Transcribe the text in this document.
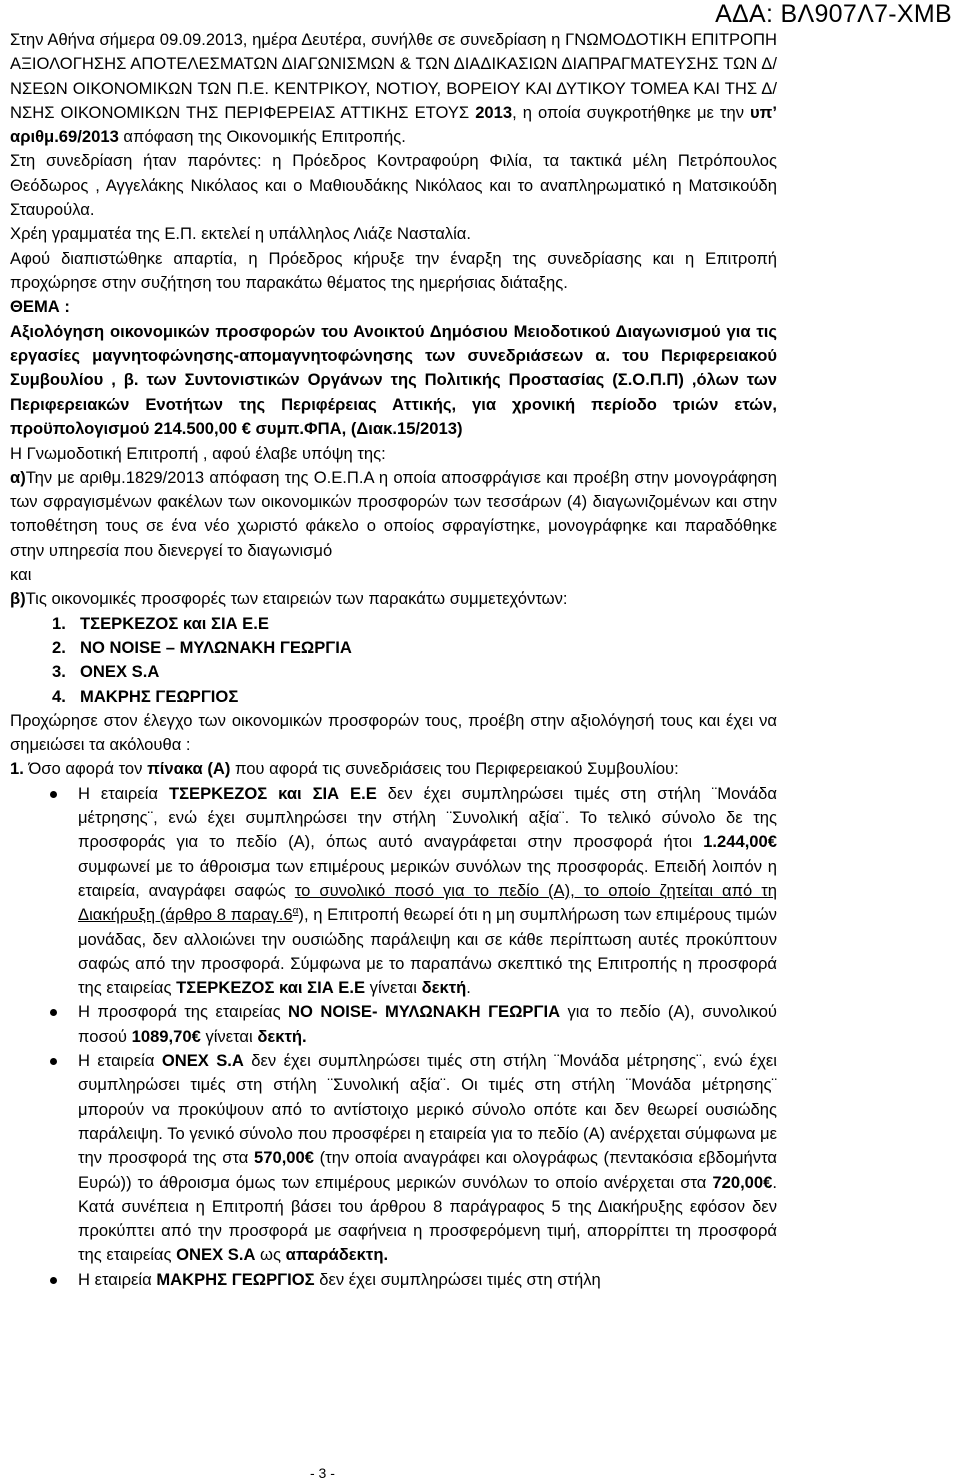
ΑΔΑ: ΒΛ907Λ7-ΧΜΒ

Στην Αθήνα σήμερα 09.09.2013, ημέρα Δευτέρα, συνήλθε σε συνεδρίαση η ΓΝΩΜΟΔΟΤΙΚΗ ΕΠΙΤΡΟΠΗ ΑΞΙΟΛΟΓΗΣΗΣ ΑΠΟΤΕΛΕΣΜΑΤΩΝ ΔΙΑΓΩΝΙΣΜΩΝ & ΤΩΝ ΔΙΑΔΙΚΑΣΙΩΝ ΔΙΑΠΡΑΓΜΑΤΕΥΣΗΣ ΤΩΝ Δ/ΝΣΕΩΝ ΟΙΚΟΝΟΜΙΚΩΝ ΤΩΝ Π.Ε. ΚΕΝΤΡΙΚΟΥ, ΝΟΤΙΟΥ, ΒΟΡΕΙΟΥ ΚΑΙ ΔΥΤΙΚΟΥ ΤΟΜΕΑ ΚΑΙ ΤΗΣ Δ/ΝΣΗΣ ΟΙΚΟΝΟΜΙΚΩΝ ΤΗΣ ΠΕΡΙΦΕΡΕΙΑΣ ΑΤΤΙΚΗΣ ΕΤΟΥΣ 2013, η οποία συγκροτήθηκε με την υπ’ αριθμ.69/2013 απόφαση της Οικονομικής Επιτροπής.

Στη συνεδρίαση ήταν παρόντες: η Πρόεδρος Κοντραφούρη Φιλία, τα τακτικά μέλη Πετρόπουλος Θεόδωρος , Αγγελάκης Νικόλαος και ο Μαθιουδάκης Νικόλαος και το αναπληρωματικό η Ματσικούδη Σταυρούλα.

Χρέη γραμματέα της Ε.Π. εκτελεί η υπάλληλος Λιάζε Νασταλία.

Αφού διαπιστώθηκε απαρτία, η Πρόεδρος κήρυξε την έναρξη της συνεδρίασης και η Επιτροπή προχώρησε στην συζήτηση του παρακάτω θέματος της ημερήσιας διάταξης.

ΘΕΜΑ :

Αξιολόγηση οικονομικών προσφορών του Ανοικτού Δημόσιου Μειοδοτικού Διαγωνισμού για τις εργασίες μαγνητοφώνησης-απομαγνητοφώνησης των συνεδριάσεων α. του Περιφερειακού Συμβουλίου , β. των Συντονιστικών Οργάνων της Πολιτικής Προστασίας (Σ.Ο.Π.Π) ,όλων των Περιφερειακών Ενοτήτων της Περιφέρειας Αττικής, για χρονική περίοδο τριών ετών, προϋπολογισμού 214.500,00 € συμπ.ΦΠΑ, (Διακ.15/2013)

Η Γνωμοδοτική Επιτροπή , αφού έλαβε υπόψη της:

α)Την με αριθμ.1829/2013 απόφαση της Ο.Ε.Π.Α η οποία αποσφράγισε και προέβη στην μονογράφηση των σφραγισμένων φακέλων των οικονομικών προσφορών των τεσσάρων (4) διαγωνιζομένων και στην τοποθέτηση τους σε ένα νέο χωριστό φάκελο ο οποίος σφραγίστηκε, μονογράφηκε και παραδόθηκε στην υπηρεσία που διενεργεί το διαγωνισμό

και

β)Τις οικονομικές προσφορές των εταιρειών των παρακάτω συμμετεχόντων:

1. ΤΣΕΡΚΕΖΟΣ και ΣΙΑ Ε.Ε
2. NO NOISE – ΜΥΛΩΝΑΚΗ ΓΕΩΡΓΙΑ
3. ONEX S.A
4. ΜΑΚΡΗΣ ΓΕΩΡΓΙΟΣ

Προχώρησε στον έλεγχο των οικονομικών προσφορών τους, προέβη στην αξιολόγησή τους και έχει να σημειώσει τα ακόλουθα :

1. Όσο αφορά τον πίνακα (Α) που αφορά τις συνεδριάσεις του Περιφερειακού Συμβουλίου:

Η εταιρεία ΤΣΕΡΚΕΖΟΣ και ΣΙΑ Ε.Ε δεν έχει συμπληρώσει τιμές στη στήλη ¨Μονάδα μέτρησης¨, ενώ έχει συμπληρώσει την στήλη ¨Συνολική αξία¨. Το τελικό σύνολο δε της προσφοράς για το πεδίο (Α), όπως αυτό αναγράφεται στην προσφορά ήτοι 1.244,00€ συμφωνεί με το άθροισμα των επιμέρους μερικών συνόλων της προσφοράς. Επειδή λοιπόν η εταιρεία, αναγράφει σαφώς το συνολικό ποσό για το πεδίο (Α), το οποίο ζητείται από τη Διακήρυξη (άρθρο 8 $\pi\alpha\rho\alpha\gamma.6^\alpha$), η Επιτροπή θεωρεί ότι η μη συμπλήρωση των επιμέρους τιμών μονάδας, δεν αλλοιώνει την ουσιώδης παράλειψη και σε κάθε περίπτωση αυτές προκύπτουν σαφώς από την προσφορά. Σύμφωνα με το παραπάνω σκεπτικό της Επιτροπής η προσφορά της εταιρείας ΤΣΕΡΚΕΖΟΣ και ΣΙΑ Ε.Ε γίνεται δεκτή.
Η προσφορά της εταιρείας NO NOISE- ΜΥΛΩΝΑΚΗ ΓΕΩΡΓΙΑ για το πεδίο (Α), συνολικού ποσού 1089,70€ γίνεται δεκτή.
Η εταιρεία ONEX S.A δεν έχει συμπληρώσει τιμές στη στήλη ¨Μονάδα μέτρησης¨, ενώ έχει συμπληρώσει τιμές στη στήλη ¨Συνολική αξία¨. Οι τιμές στη στήλη ¨Μονάδα μέτρησης¨ μπορούν να προκύψουν από το αντίστοιχο μερικό σύνολο οπότε και δεν θεωρεί ουσιώδης παράλειψη. Το γενικό σύνολο που προσφέρει η εταιρεία για το πεδίο (Α) ανέρχεται σύμφωνα με την προσφορά της στα 570,00€ (την οποία αναγράφει και ολογράφως (πεντακόσια εβδομήντα Ευρώ)) το άθροισμα όμως των επιμέρους μερικών συνόλων το οποίο ανέρχεται στα 720,00€. Κατά συνέπεια η Επιτροπή βάσει του άρθρου 8 παράγραφος 5 της Διακήρυξης εφόσον δεν προκύπτει από την προσφορά με σαφήνεια η προσφερόμενη τιμή, απορρίπτει τη προσφορά της εταιρείας ONEX S.A ως απαράδεκτη.
Η εταιρεία ΜΑΚΡΗΣ ΓΕΩΡΓΙΟΣ δεν έχει συμπληρώσει τιμές στη στήλη
- 3 -
